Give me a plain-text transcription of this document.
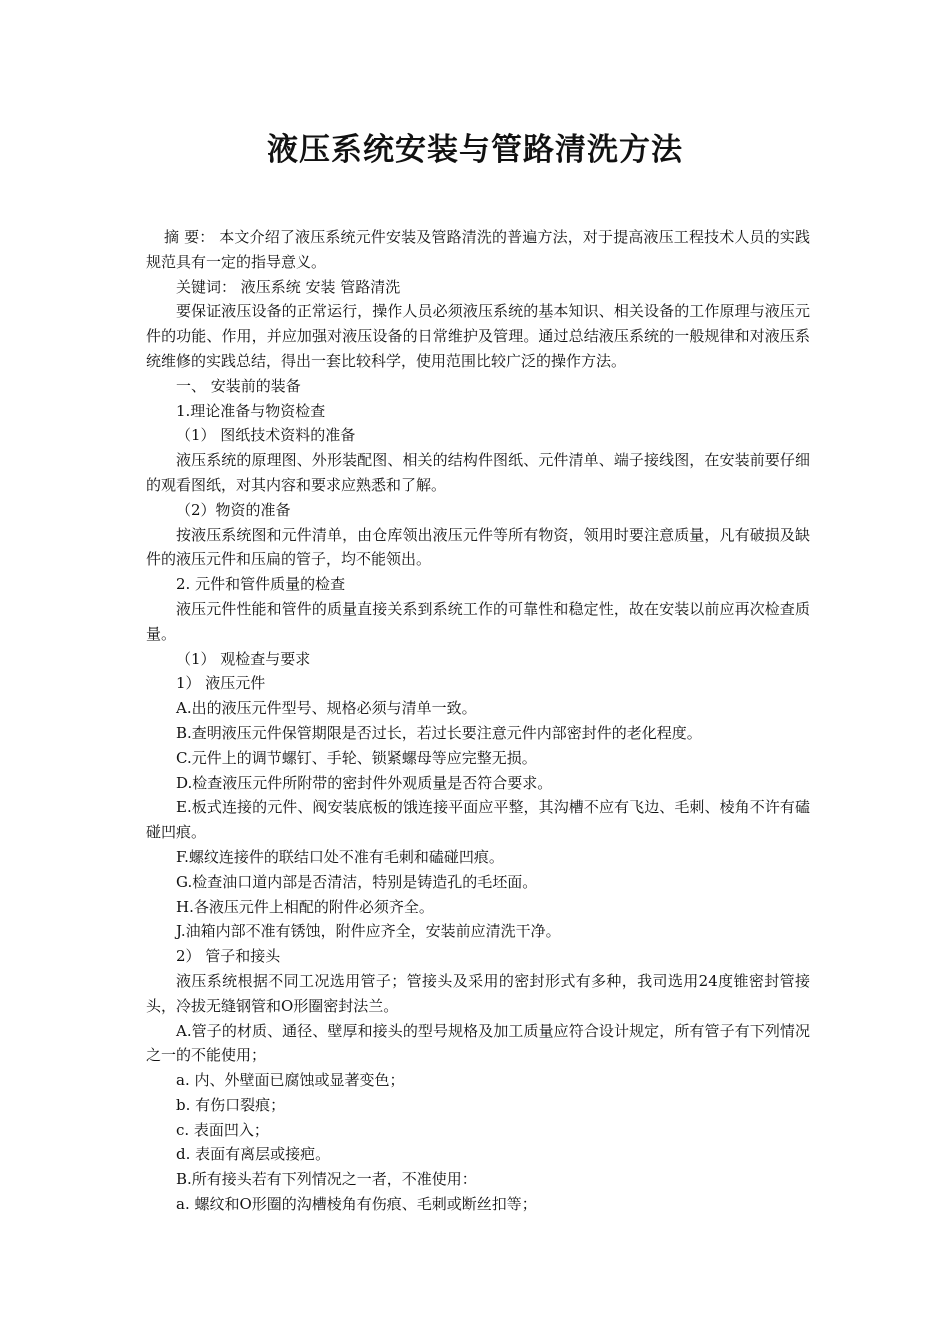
液压系统安装与管路清洗方法

摘 要： 本文介绍了液压系统元件安装及管路清洗的普遍方法，对于提高液压工程技术人员的实践规范具有一定的指导意义。

关键词： 液压系统 安装 管路清洗

要保证液压设备的正常运行，操作人员必须液压系统的基本知识、相关设备的工作原理与液压元件的功能、作用，并应加强对液压设备的日常维护及管理。通过总结液压系统的一般规律和对液压系统维修的实践总结，得出一套比较科学，使用范围比较广泛的操作方法。

一、 安装前的装备

1.理论准备与物资检查

（1） 图纸技术资料的准备

液压系统的原理图、外形装配图、相关的结构件图纸、元件清单、端子接线图，在安装前要仔细的观看图纸，对其内容和要求应熟悉和了解。

（2）物资的准备

按液压系统图和元件清单，由仓库领出液压元件等所有物资，领用时要注意质量，凡有破损及缺件的液压元件和压扁的管子，均不能领出。

2. 元件和管件质量的检查

液压元件性能和管件的质量直接关系到系统工作的可靠性和稳定性，故在安装以前应再次检查质量。

（1） 观检查与要求

1） 液压元件

A.出的液压元件型号、规格必须与清单一致。

B.查明液压元件保管期限是否过长，若过长要注意元件内部密封件的老化程度。

C.元件上的调节螺钉、手轮、锁紧螺母等应完整无损。

D.检查液压元件所附带的密封件外观质量是否符合要求。

E.板式连接的元件、阀安装底板的饿连接平面应平整，其沟槽不应有飞边、毛刺、棱角不许有磕碰凹痕。

F.螺纹连接件的联结口处不准有毛刺和磕碰凹痕。

G.检查油口道内部是否清洁，特别是铸造孔的毛坯面。

H.各液压元件上相配的附件必须齐全。

J.油箱内部不准有锈蚀，附件应齐全，安装前应清洗干净。

2） 管子和接头

液压系统根据不同工况选用管子；管接头及采用的密封形式有多种，我司选用24度锥密封管接头，冷拔无缝钢管和O形圈密封法兰。

A.管子的材质、通径、壁厚和接头的型号规格及加工质量应符合设计规定，所有管子有下列情况之一的不能使用；

a. 内、外壁面已腐蚀或显著变色；

b. 有伤口裂痕；

c. 表面凹入；

d. 表面有离层或接疤。

B.所有接头若有下列情况之一者，不准使用：

a. 螺纹和O形圈的沟槽棱角有伤痕、毛刺或断丝扣等；
